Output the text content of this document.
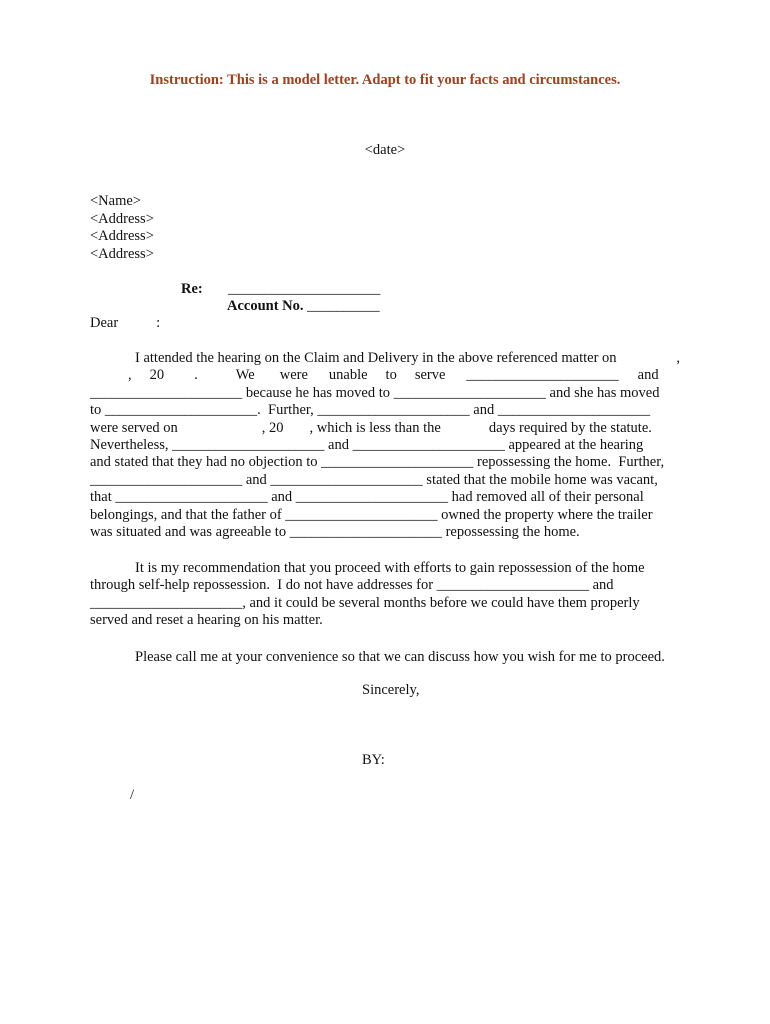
Instruction: This is a model letter. Adapt to fit your facts and circumstances.
<date>
<Name>
<Address>
<Address>
<Address>
Re: _____________________
Account No. __________
Dear	:
I attended the hearing on the Claim and Delivery in the above referenced matter on	,
, 20 .	We were unable to serve _____________________ and
_____________________ because he has moved to _____________________ and she has moved
to _____________________.  Further, _____________________ and _____________________
were served on	, 20 , which is less than the	days required by the statute.
Nevertheless, _____________________ and _____________________ appeared at the hearing
and stated that they had no objection to _____________________ repossessing the home.  Further,
_____________________ and _____________________ stated that the mobile home was vacant,
that _____________________ and _____________________ had removed all of their personal
belongings, and that the father of _____________________ owned the property where the trailer
was situated and was agreeable to _____________________ repossessing the home.
It is my recommendation that you proceed with efforts to gain repossession of the home
through self-help repossession.  I do not have addresses for _____________________ and
_____________________, and it could be several months before we could have them properly
served and reset a hearing on his matter.
Please call me at your convenience so that we can discuss how you wish for me to proceed.
Sincerely,
BY:
/
